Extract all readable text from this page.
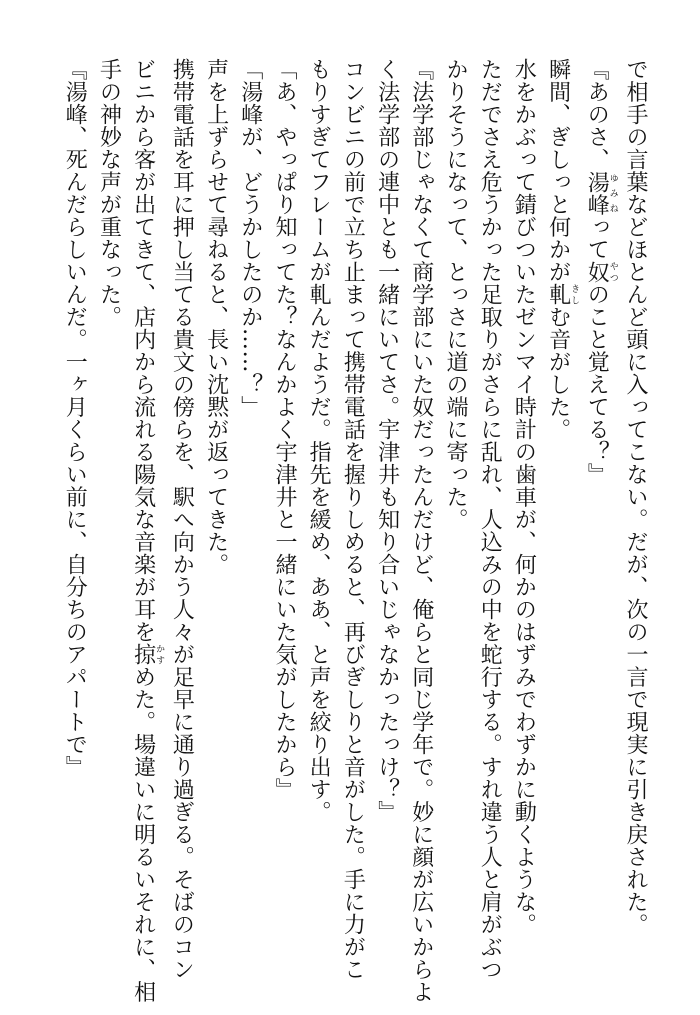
で相手の言葉などほとんど頭に入ってこない。だが、次の一言で現実に引き戻された。
『あのさ、湯峰ゆみねって奴やつのこと覚えてる？』
瞬間、ぎしっと何かが軋きしむ音がした。
水をかぶって錆びついたゼンマイ時計の歯車が、何かのはずみでわずかに動くような。
ただでさえ危うかった足取りがさらに乱れ、人込みの中を蛇行する。すれ違う人と肩がぶつ
かりそうになって、とっさに道の端に寄った。
『法学部じゃなくて商学部にいた奴だったんだけど、俺らと同じ学年で。妙に顔が広いからよ
く法学部の連中とも一緒にいてさ。宇津井も知り合いじゃなかったっけ？』
コンビニの前で立ち止まって携帯電話を握りしめると、再びぎしりと音がした。手に力がこ
もりすぎてフレームが軋んだようだ。指先を緩め、ああ、と声を絞り出す。
「あ、やっぱり知ってた？なんかよく宇津井と一緒にいた気がしたから』
「湯峰が、どうかしたのか……？」
声を上ずらせて尋ねると、長い沈黙が返ってきた。
携帯電話を耳に押し当てる貴文の傍らを、駅へ向かう人々が足早に通り過ぎる。そばのコン
ビニから客が出てきて、店内から流れる陽気な音楽が耳を掠かすめた。場違いに明るいそれに、相
手の神妙な声が重なった。
『湯峰、死んだらしいんだ。一ヶ月くらい前に、自分ちのアパートで』
